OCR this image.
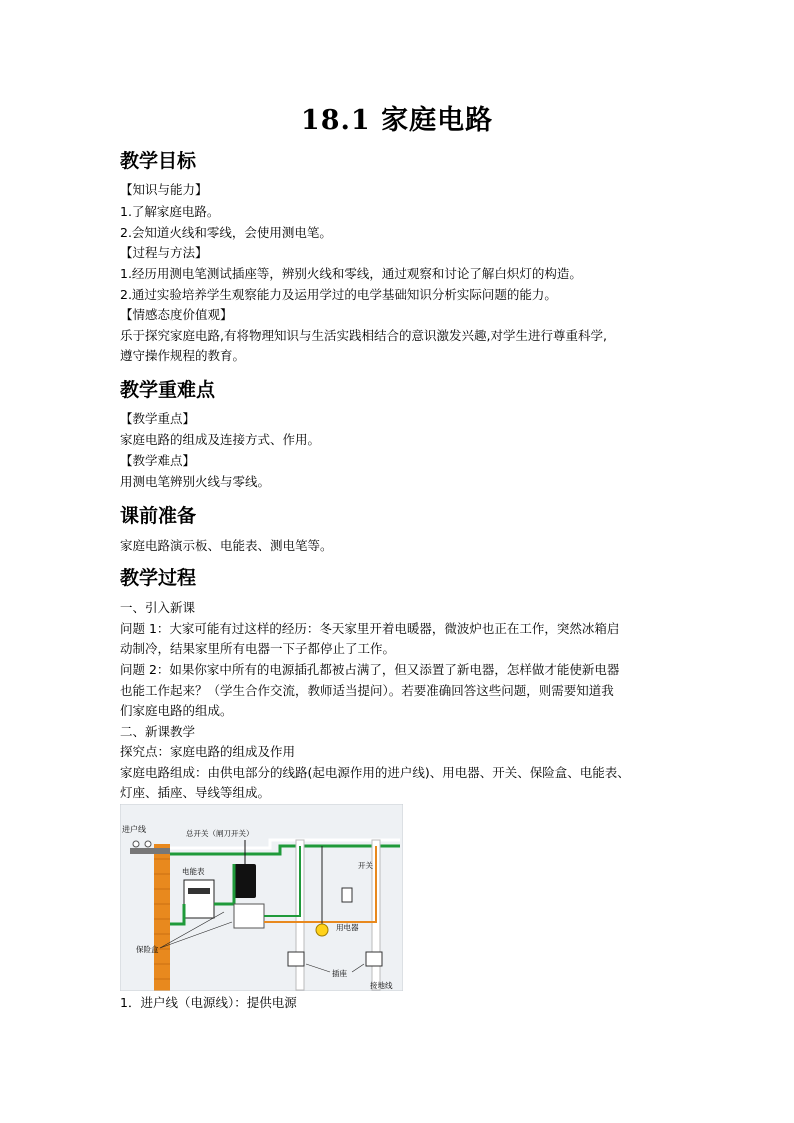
18.1 家庭电路
教学目标
【知识与能力】
1.了解家庭电路。
2.会知道火线和零线，会使用测电笔。
【过程与方法】
1.经历用测电笔测试插座等，辨别火线和零线，通过观察和讨论了解白炽灯的构造。
2.通过实验培养学生观察能力及运用学过的电学基础知识分析实际问题的能力。
【情感态度价值观】
乐于探究家庭电路,有将物理知识与生活实践相结合的意识激发兴趣,对学生进行尊重科学,
遵守操作规程的教育。
教学重难点
【教学重点】
家庭电路的组成及连接方式、作用。
【教学难点】
用测电笔辨别火线与零线。
课前准备
家庭电路演示板、电能表、测电笔等。
教学过程
一、引入新课
问题 1：大家可能有过这样的经历：冬天家里开着电暖器，微波炉也正在工作，突然冰箱启
动制冷，结果家里所有电器一下子都停止了工作。
问题 2：如果你家中所有的电源插孔都被占满了，但又添置了新电器，怎样做才能使新电器
也能工作起来？（学生合作交流，教师适当提问）。若要准确回答这些问题，则需要知道我
们家庭电路的组成。
二、新课教学
探究点：家庭电路的组成及作用
家庭电路组成：由供电部分的线路(起电源作用的进户线)、用电器、开关、保险盒、电能表、
灯座、插座、导线等组成。
进户线	总开关（闸刀开关）
电能表
保险盒
开关
用电器
插座
接地线
1．进户线（电源线）：提供电源
